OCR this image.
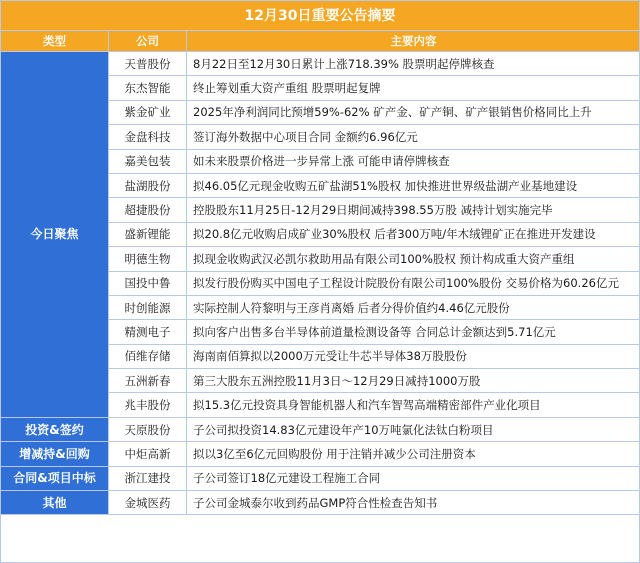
12月30日重要公告摘要
类型	公司	主要内容
今日聚焦	天普股份	8月22日至12月30日累计上涨718.39% 股票明起停牌核查
	东杰智能	终止筹划重大资产重组 股票明起复牌
	紫金矿业	2025年净利润同比预增59%-62% 矿产金、矿产铜、矿产银销售价格同比上升
	金盘科技	签订海外数据中心项目合同 金额约6.96亿元
	嘉美包装	如未来股票价格进一步异常上涨 可能申请停牌核查
	盐湖股份	拟46.05亿元现金收购五矿盐湖51%股权 加快推进世界级盐湖产业基地建设
	超捷股份	控股股东11月25日-12月29日期间减持398.55万股 减持计划实施完毕
	盛新锂能	拟20.8亿元收购启成矿业30%股权 后者300万吨/年木绒锂矿正在推进开发建设
	明德生物	拟现金收购武汉必凯尔救助用品有限公司100%股权 预计构成重大资产重组
	国投中鲁	拟发行股份购买中国电子工程设计院股份有限公司100%股份 交易价格为60.26亿元
	时创能源	实际控制人符黎明与王彦肖离婚 后者分得价值约4.46亿元股份
	精测电子	拟向客户出售多台半导体前道量检测设备等 合同总计金额达到5.71亿元
	佰维存储	海南南佰算拟以2000万元受让牛芯半导体38万股股份
	五洲新春	第三大股东五洲控股11月3日～12月29日减持1000万股
	兆丰股份	拟15.3亿元投资具身智能机器人和汽车智驾高端精密部件产业化项目
投资&签约	天原股份	子公司拟投资14.83亿元建设年产10万吨氯化法钛白粉项目
增减持&回购	中炬高新	拟以3亿至6亿元回购股份 用于注销并减少公司注册资本
合同&项目中标	浙江建投	子公司签订18亿元建设工程施工合同
其他	金城医药	子公司金城泰尔收到药品GMP符合性检查告知书
